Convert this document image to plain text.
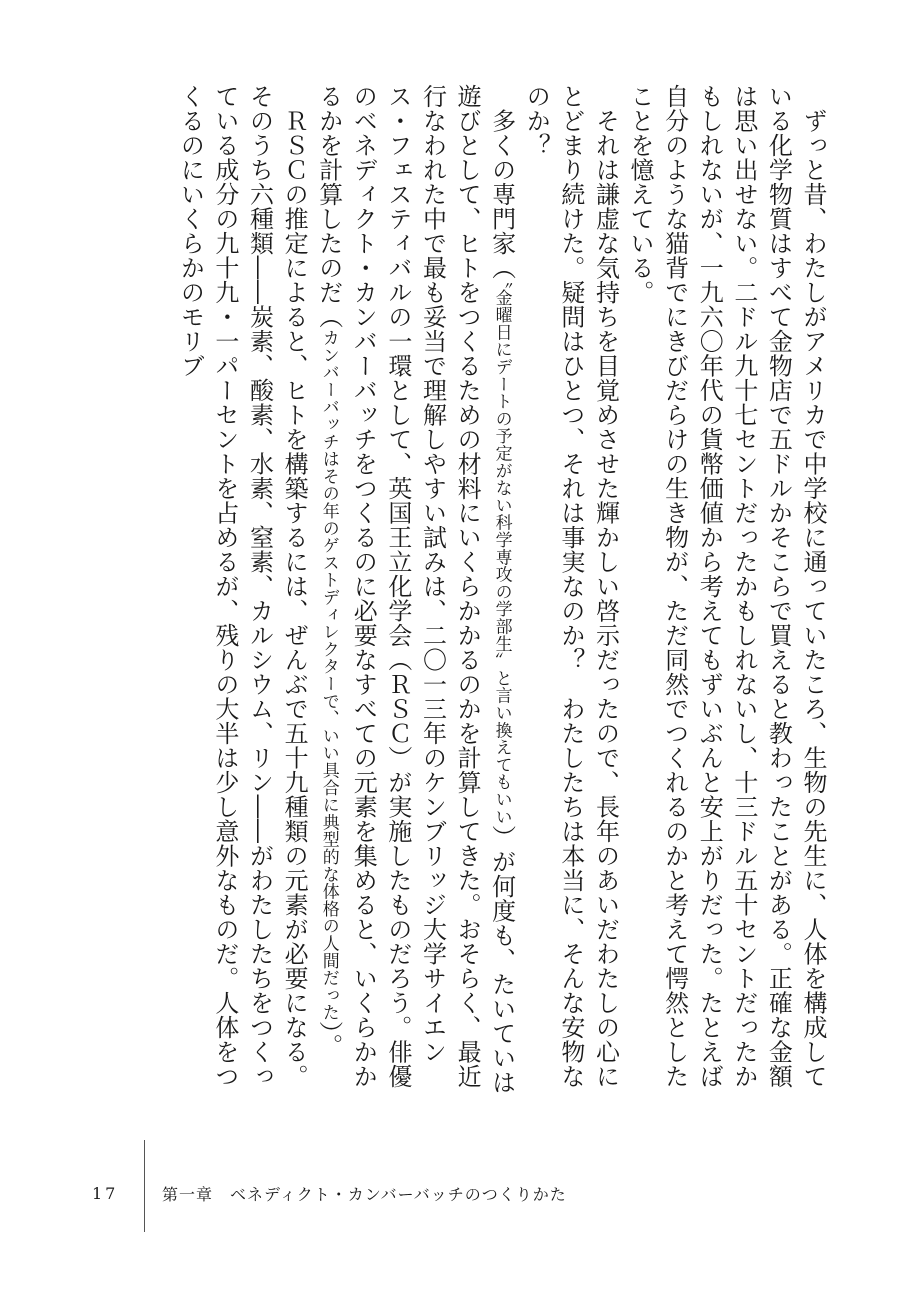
　ずっと昔、わたしがアメリカで中学校に通っていたころ、生物の先生に、人体を構成している化学物質はすべて金物店で五ドルかそこらで買えると教わったことがある。正確な金額は思い出せない。二ドル九十七セントだったかもしれないし、十三ドル五十セントだったかもしれないが、一九六〇年代の貨幣価値から考えてもずいぶんと安上がりだった。たとえば自分のような猫背でにきびだらけの生き物が、ただ同然でつくれるのかと考えて愕然としたことを憶えている。

　それは謙虚な気持ちを目覚めさせた輝かしい啓示だったので、長年のあいだわたしの心にとどまり続けた。疑問はひとつ、それは事実なのか？　わたしたちは本当に、そんな安物なのか？

　多くの専門家（〝金曜日にデートの予定がない科学専攻の学部生〟と言い換えてもいい）が何度も、たいていは遊びとして、ヒトをつくるための材料にいくらかかるのかを計算してきた。おそらく、最近行なわれた中で最も妥当で理解しやすい試みは、二〇一三年のケンブリッジ大学サイエンス・フェスティバルの一環として、英国王立化学会（ＲＳＣ）が実施したものだろう。俳優のベネディクト・カンバーバッチをつくるのに必要なすべての元素を集めると、いくらかかるかを計算したのだ（カンバーバッチはその年のゲストディレクターで、いい具合に典型的な体格の人間だった）。

　ＲＳＣの推定によると、ヒトを構築するには、ぜんぶで五十九種類の元素が必要になる。そのうち六種類――炭素、酸素、水素、窒素、カルシウム、リン――がわたしたちをつくっている成分の九十九・一パーセントを占めるが、残りの大半は少し意外なものだ。人体をつくるのにいくらかのモリブ

17	第一章　ベネディクト・カンバーバッチのつくりかた
